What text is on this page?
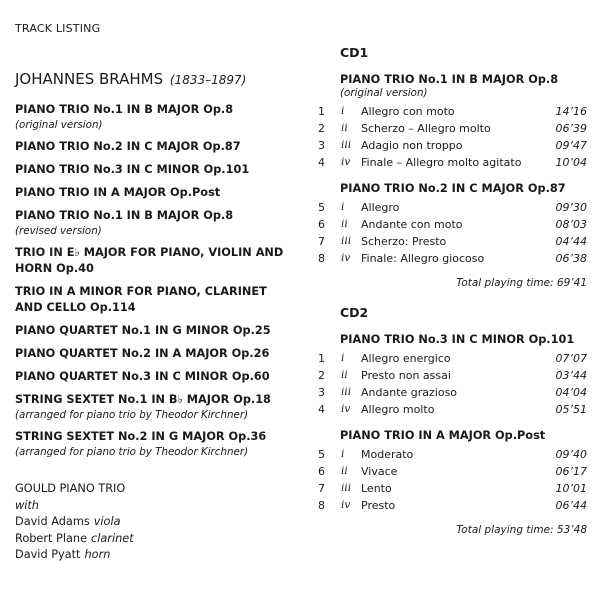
TRACK LISTING
JOHANNES BRAHMS (1833–1897)
PIANO TRIO No.1 IN B MAJOR Op.8
(original version)
PIANO TRIO No.2 IN C MAJOR Op.87
PIANO TRIO No.3 IN C MINOR Op.101
PIANO TRIO IN A MAJOR Op.Post
PIANO TRIO No.1 IN B MAJOR Op.8
(revised version)
TRIO IN E♭ MAJOR FOR PIANO, VIOLIN AND HORN Op.40
TRIO IN A MINOR FOR PIANO, CLARINET AND CELLO Op.114
PIANO QUARTET No.1 IN G MINOR Op.25
PIANO QUARTET No.2 IN A MAJOR Op.26
PIANO QUARTET No.3 IN C MINOR Op.60
STRING SEXTET No.1 IN B♭ MAJOR Op.18
(arranged for piano trio by Theodor Kirchner)
STRING SEXTET No.2 IN G MAJOR Op.36
(arranged for piano trio by Theodor Kirchner)
GOULD PIANO TRIO
with
David Adams viola
Robert Plane clarinet
David Pyatt horn
CD1
PIANO TRIO No.1 IN B MAJOR Op.8
(original version)
1 i Allegro con moto	14’16
2 ii Scherzo – Allegro molto	06’39
3 iii Adagio non troppo	09’47
4 iv Finale – Allegro molto agitato	10’04
PIANO TRIO No.2 IN C MAJOR Op.87
5 i Allegro	09’30
6 ii Andante con moto	08’03
7 iii Scherzo: Presto	04’44
8 iv Finale: Allegro giocoso	06’38
Total playing time: 69’41
CD2
PIANO TRIO No.3 IN C MINOR Op.101
1 i Allegro energico	07’07
2 ii Presto non assai	03’44
3 iii Andante grazioso	04’04
4 iv Allegro molto	05’51
PIANO TRIO IN A MAJOR Op.Post
5 i Moderato	09’40
6 ii Vivace	06’17
7 iii Lento	10’01
8 iv Presto	06’44
Total playing time: 53’48
